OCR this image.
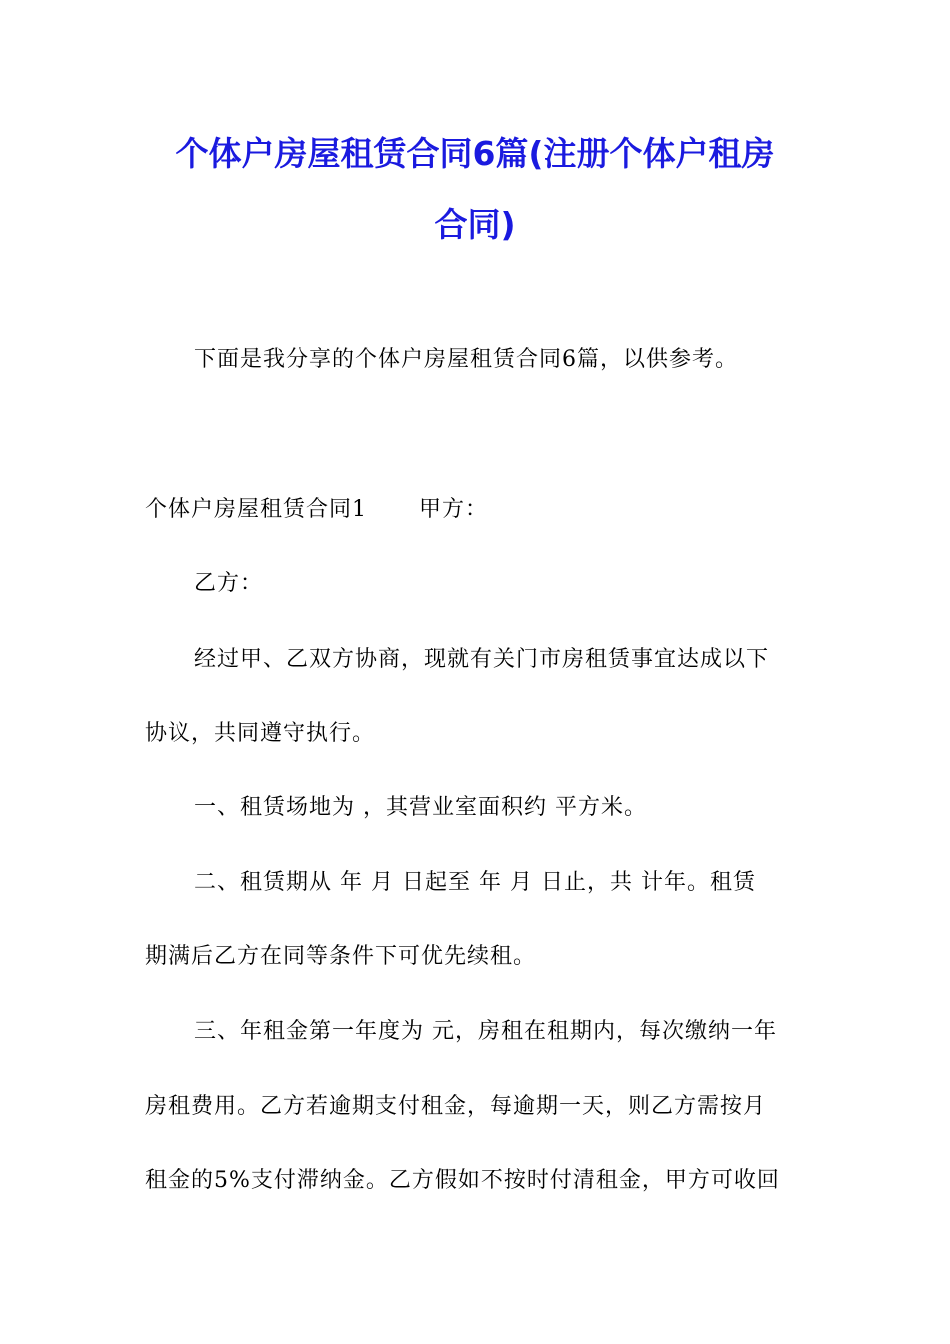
个体户房屋租赁合同6篇(注册个体户租房
合同)
下面是我分享的个体户房屋租赁合同6篇，以供参考。
个体户房屋租赁合同1 甲方：
乙方：
经过甲、乙双方协商，现就有关门市房租赁事宜达成以下
协议，共同遵守执行。
一、租赁场地为 ，其营业室面积约 平方米。
二、租赁期从 年 月 日起至 年 月 日止，共 计年。租赁
期满后乙方在同等条件下可优先续租。
三、年租金第一年度为 元，房租在租期内，每次缴纳一年
房租费用。乙方若逾期支付租金，每逾期一天，则乙方需按月
租金的5%支付滞纳金。乙方假如不按时付清租金，甲方可收回
